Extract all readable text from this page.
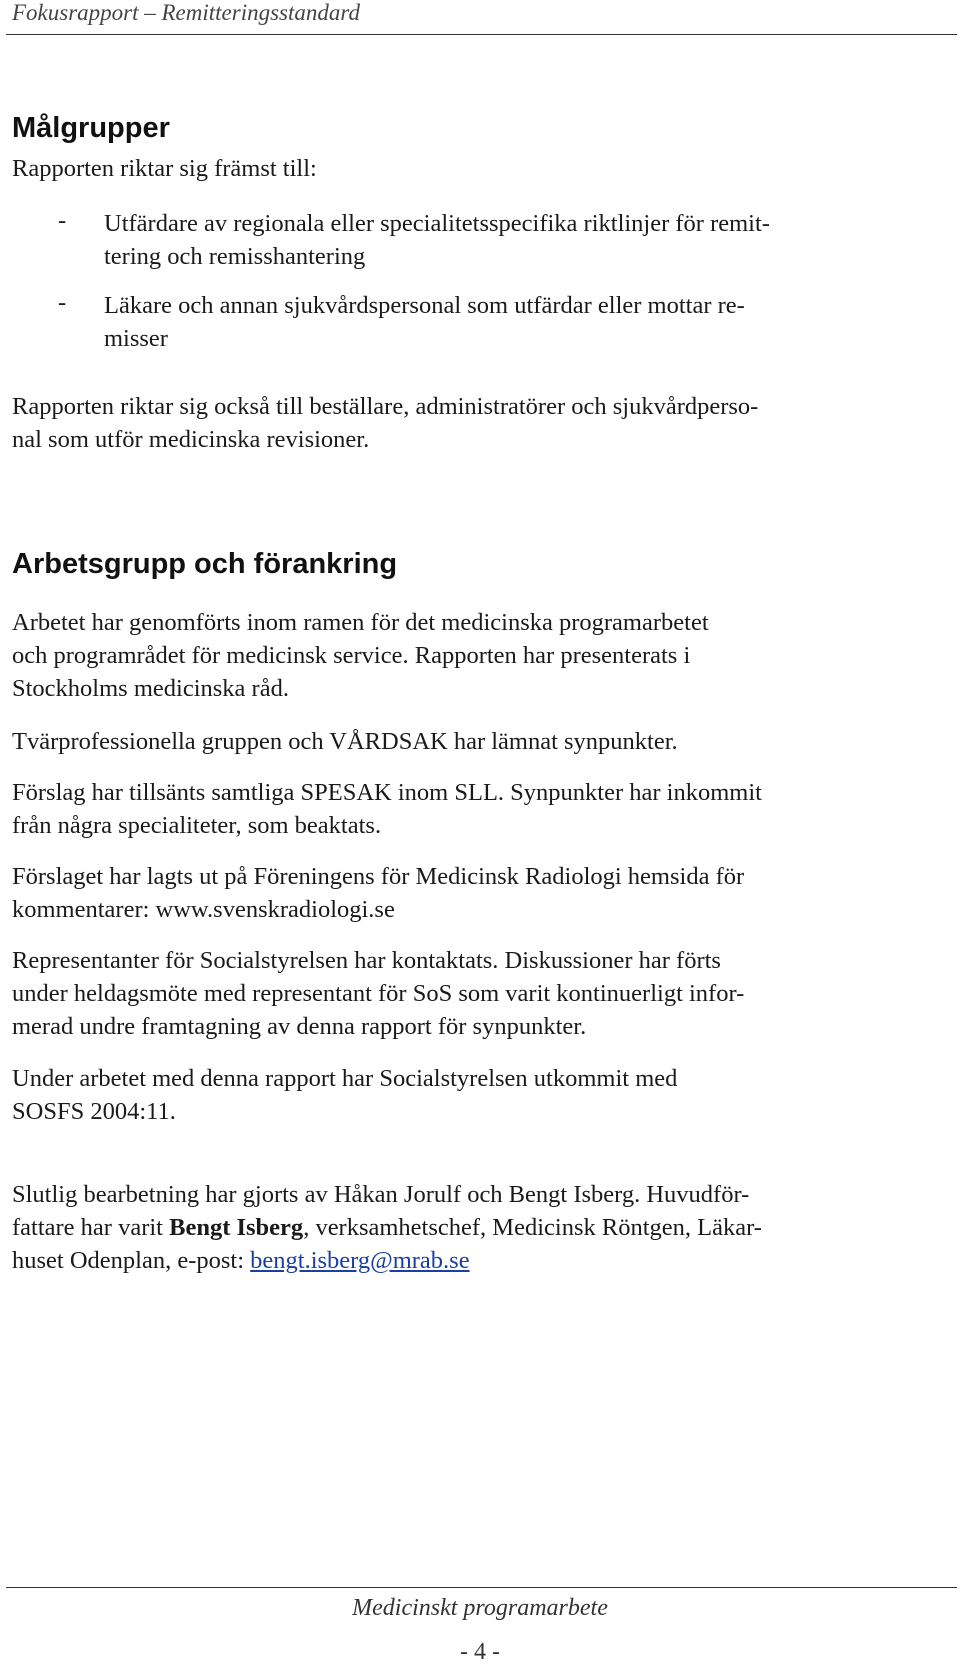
Fokusrapport – Remitteringsstandard
Målgrupper
Rapporten riktar sig främst till:
- Utfärdare av regionala eller specialitetsspecifika riktlinjer för remit-
tering och remisshantering
- Läkare och annan sjukvårdspersonal som utfärdar eller mottar re-
misser
Rapporten riktar sig också till beställare, administratörer och sjukvårdperso-
nal som utför medicinska revisioner.
Arbetsgrupp och förankring
Arbetet har genomförts inom ramen för det medicinska programarbetet
och programrådet för medicinsk service. Rapporten har presenterats i
Stockholms medicinska råd.
Tvärprofessionella gruppen och VÅRDSAK har lämnat synpunkter.
Förslag har tillsänts samtliga SPESAK inom SLL. Synpunkter har inkommit
från några specialiteter, som beaktats.
Förslaget har lagts ut på Föreningens för Medicinsk Radiologi hemsida för
kommentarer: www.svenskradiologi.se
Representanter för Socialstyrelsen har kontaktats. Diskussioner har förts
under heldagsmöte med representant för SoS som varit kontinuerligt infor-
merad undre framtagning av denna rapport för synpunkter.
Under arbetet med denna rapport har Socialstyrelsen utkommit med
SOSFS 2004:11.
Slutlig bearbetning har gjorts av Håkan Jorulf och Bengt Isberg. Huvudför-
fattare har varit Bengt Isberg, verksamhetschef, Medicinsk Röntgen, Läkar-
huset Odenplan, e-post: bengt.isberg@mrab.se
Medicinskt programarbete
- 4 -
